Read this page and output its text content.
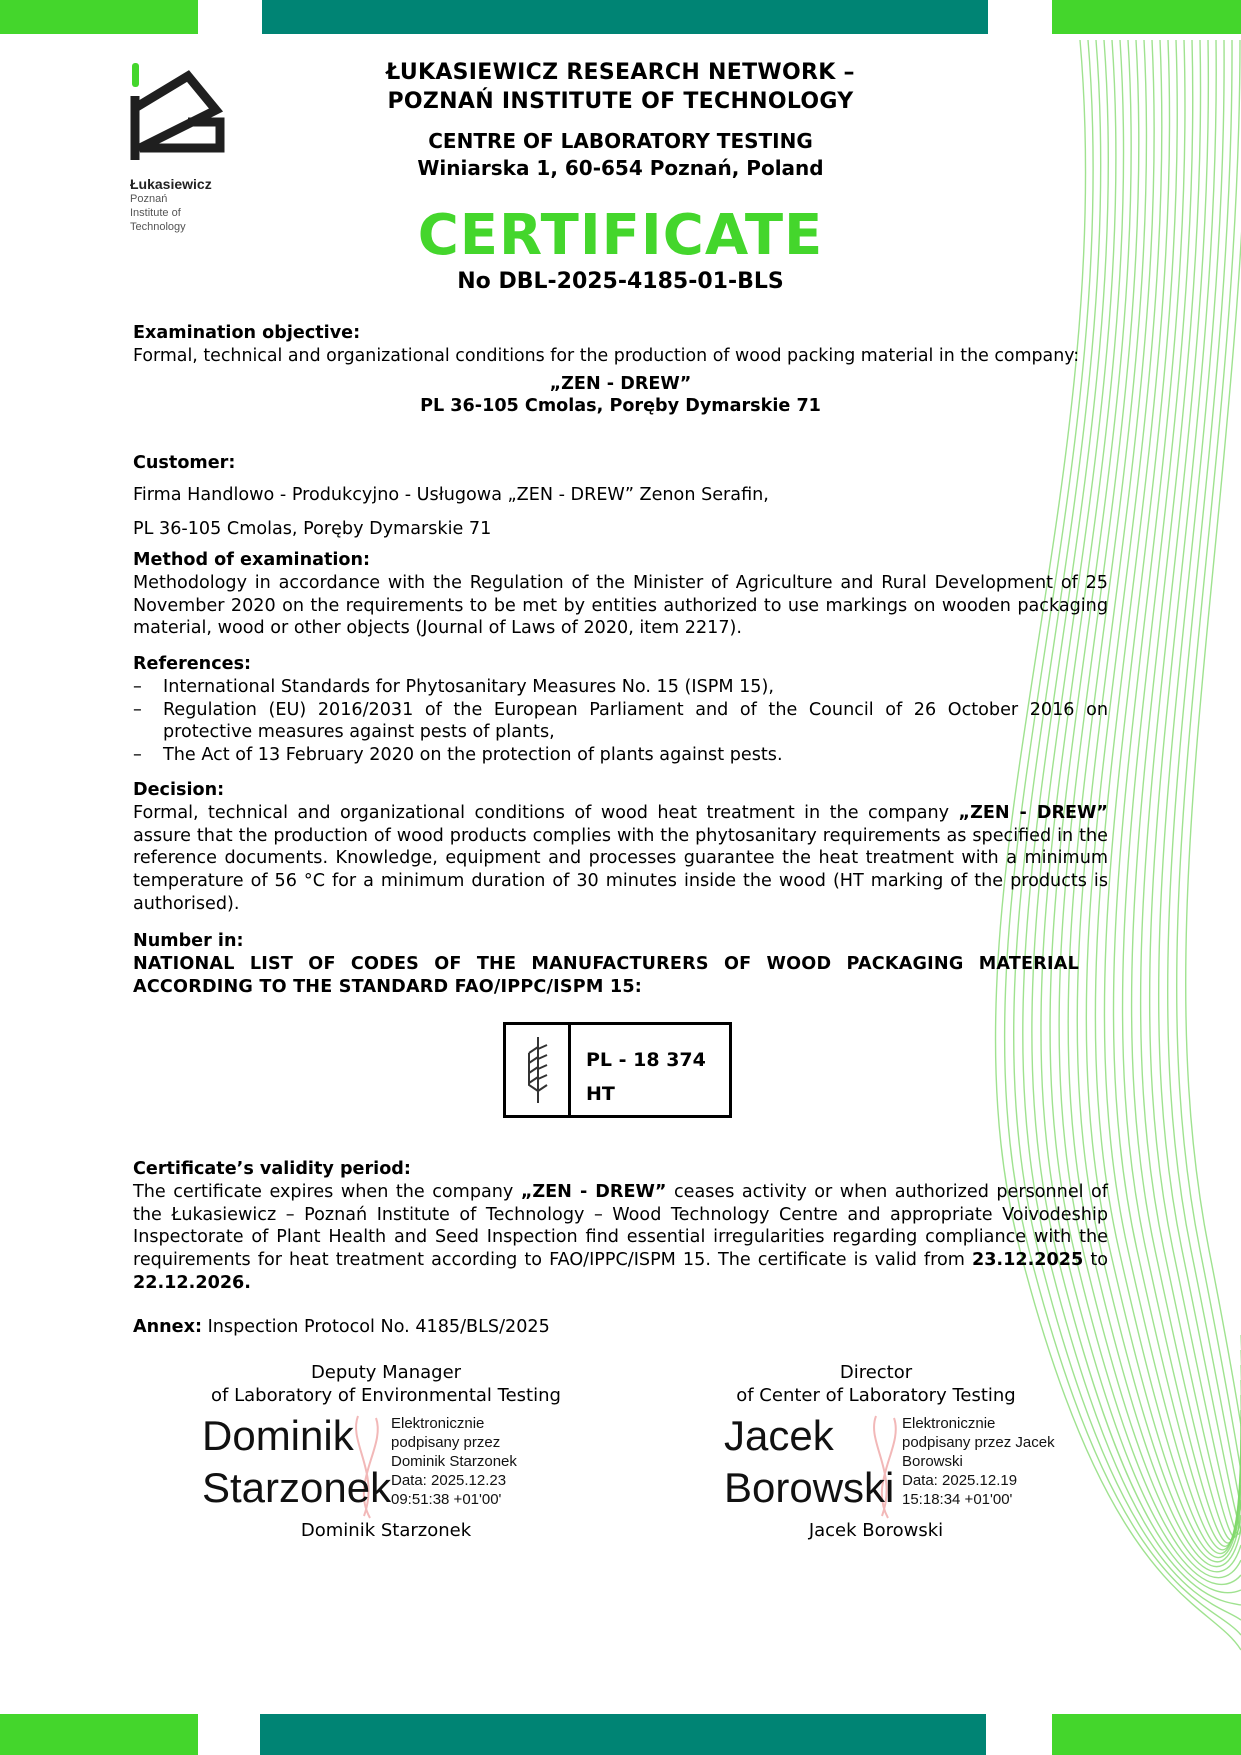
Łukasiewicz
Poznań
Institute of
Technology
ŁUKASIEWICZ RESEARCH NETWORK –
POZNAŃ INSTITUTE OF TECHNOLOGY
CENTRE OF LABORATORY TESTING
Winiarska 1, 60-654 Poznań, Poland
CERTIFICATE
No DBL-2025-4185-01-BLS
Examination objective:
Formal, technical and organizational conditions for the production of wood packing material in the company:
„ZEN - DREW”
PL 36-105 Cmolas, Poręby Dymarskie 71
Customer:
Firma Handlowo - Produkcyjno - Usługowa „ZEN - DREW” Zenon Serafin,
PL 36-105 Cmolas, Poręby Dymarskie 71
Method of examination:
Methodology in accordance with the Regulation of the Minister of Agriculture and Rural Development of 25 November 2020 on the requirements to be met by entities authorized to use markings on wooden packaging material, wood or other objects (Journal of Laws of 2020, item 2217).
References:
– International Standards for Phytosanitary Measures No. 15 (ISPM 15),
– Regulation (EU) 2016/2031 of the European Parliament and of the Council of 26 October 2016 on protective measures against pests of plants,
– The Act of 13 February 2020 on the protection of plants against pests.
Decision:
Formal, technical and organizational conditions of wood heat treatment in the company „ZEN - DREW” assure that the production of wood products complies with the phytosanitary requirements as specified in the reference documents. Knowledge, equipment and processes guarantee the heat treatment with a minimum temperature of 56 °C for a minimum duration of 30 minutes inside the wood (HT marking of the products is authorised).
Number in:
NATIONAL LIST OF CODES OF THE MANUFACTURERS OF WOOD PACKAGING MATERIAL ACCORDING TO THE STANDARD FAO/IPPC/ISPM 15:
PL - 18 374
HT
Certificate’s validity period:
The certificate expires when the company „ZEN - DREW” ceases activity or when authorized personnel of the Łukasiewicz – Poznań Institute of Technology – Wood Technology Centre and appropriate Voivodeship Inspectorate of Plant Health and Seed Inspection find essential irregularities regarding compliance with the requirements for heat treatment according to FAO/IPPC/ISPM 15. The certificate is valid from 23.12.2025 to 22.12.2026.
Annex: Inspection Protocol No. 4185/BLS/2025
Deputy Manager
of Laboratory of Environmental Testing
Dominik
Starzonek
Elektronicznie
podpisany przez
Dominik Starzonek
Data: 2025.12.23
09:51:38 +01'00'
Dominik Starzonek
Director
of Center of Laboratory Testing
Jacek
Borowski
Elektronicznie
podpisany przez Jacek
Borowski
Data: 2025.12.19
15:18:34 +01'00'
Jacek Borowski
